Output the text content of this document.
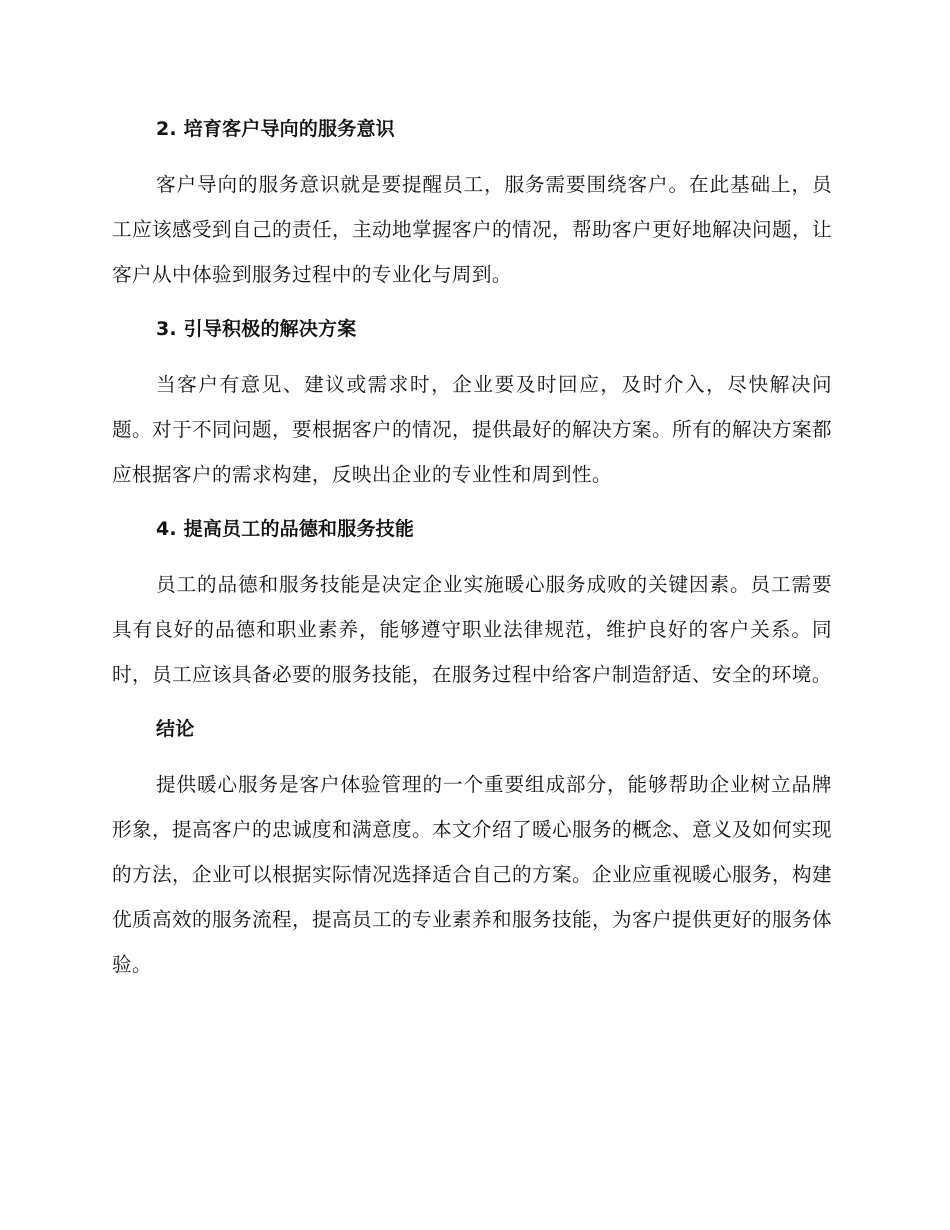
2. 培育客户导向的服务意识

客户导向的服务意识就是要提醒员工，服务需要围绕客户。在此基础上，员工应该感受到自己的责任，主动地掌握客户的情况，帮助客户更好地解决问题，让客户从中体验到服务过程中的专业化与周到。

3. 引导积极的解决方案

当客户有意见、建议或需求时，企业要及时回应，及时介入，尽快解决问题。对于不同问题，要根据客户的情况，提供最好的解决方案。所有的解决方案都应根据客户的需求构建，反映出企业的专业性和周到性。

4. 提高员工的品德和服务技能

员工的品德和服务技能是决定企业实施暖心服务成败的关键因素。员工需要具有良好的品德和职业素养，能够遵守职业法律规范，维护良好的客户关系。同时，员工应该具备必要的服务技能，在服务过程中给客户制造舒适、安全的环境。

结论

提供暖心服务是客户体验管理的一个重要组成部分，能够帮助企业树立品牌形象，提高客户的忠诚度和满意度。本文介绍了暖心服务的概念、意义及如何实现的方法，企业可以根据实际情况选择适合自己的方案。企业应重视暖心服务，构建优质高效的服务流程，提高员工的专业素养和服务技能，为客户提供更好的服务体验。
